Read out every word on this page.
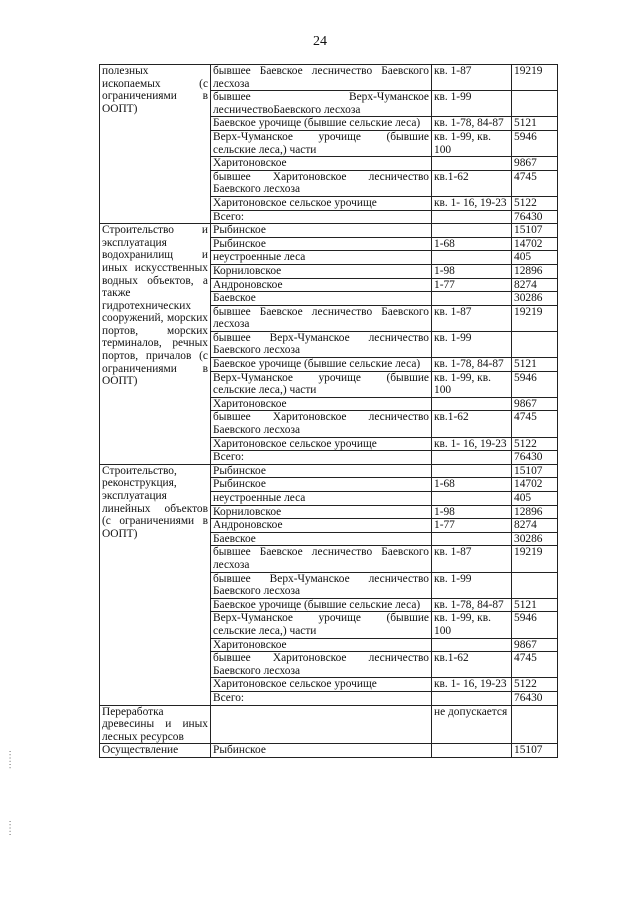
24
полезных ископаемых (с ограничениями в ООПТ)	бывшее Баевское лесничество Баевского лесхоза	кв. 1-87	19219
	бывшее Верх-Чуманское лесничествоБаевского лесхоза	кв. 1-99	
	Баевское урочище (бывшие сельские леса)	кв. 1-78, 84-87	5121
	Верх-Чуманское урочище (бывшие сельские леса,) части	кв. 1-99, кв. 100	5946
	Харитоновское		9867
	бывшее Харитоновское лесничество Баевского лесхоза	кв.1-62	4745
	Харитоновское сельское урочище	кв. 1- 16, 19-23	5122
	Всего:		76430
Строительство и эксплуатация водохранилищ и иных искусственных водных объектов, а также гидротехнических сооружений, морских портов, морских терминалов, речных портов, причалов (с ограничениями в ООПТ)	Рыбинское		15107
	Рыбинское	1-68	14702
	неустроенные леса		405
	Корниловское	1-98	12896
	Андроновское	1-77	8274
	Баевское		30286
	бывшее Баевское лесничество Баевского лесхоза	кв. 1-87	19219
	бывшее Верх-Чуманское лесничество Баевского лесхоза	кв. 1-99	
	Баевское урочище (бывшие сельские леса)	кв. 1-78, 84-87	5121
	Верх-Чуманское урочище (бывшие сельские леса,) части	кв. 1-99, кв. 100	5946
	Харитоновское		9867
	бывшее Харитоновское лесничество Баевского лесхоза	кв.1-62	4745
	Харитоновское сельское урочище	кв. 1- 16, 19-23	5122
	Всего:		76430
Строительство, реконструкция, эксплуатация линейных объектов (с ограничениями в ООПТ)	Рыбинское		15107
	Рыбинское	1-68	14702
	неустроенные леса		405
	Корниловское	1-98	12896
	Андроновское	1-77	8274
	Баевское		30286
	бывшее Баевское лесничество Баевского лесхоза	кв. 1-87	19219
	бывшее Верх-Чуманское лесничество Баевского лесхоза	кв. 1-99	
	Баевское урочище (бывшие сельские леса)	кв. 1-78, 84-87	5121
	Верх-Чуманское урочище (бывшие сельские леса,) части	кв. 1-99, кв. 100	5946
	Харитоновское		9867
	бывшее Харитоновское лесничество Баевского лесхоза	кв.1-62	4745
	Харитоновское сельское урочище	кв. 1- 16, 19-23	5122
	Всего:		76430
Переработка древесины и иных лесных ресурсов		не допускается	
Осуществление	Рыбинское		15107
· · · · · ·
· · · · ·
